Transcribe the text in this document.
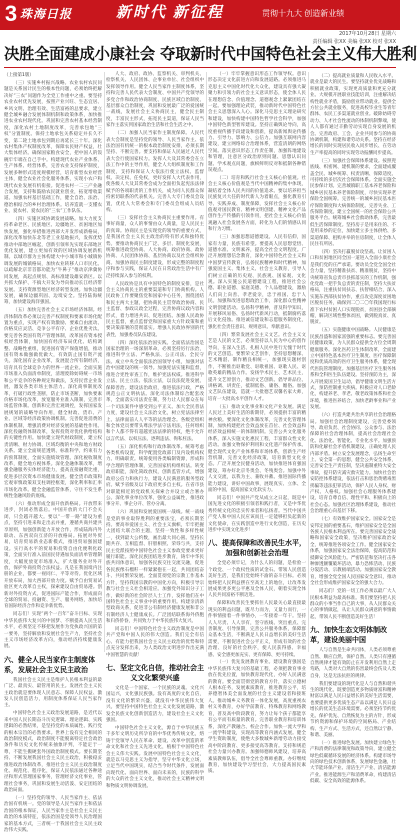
3 珠海日报	新时代 新征程	贯彻十九大 创造新业绩
2017年10月28日 星期六
责任编辑 张XX 美编 张XX 校对 张XX
决胜全面建成小康社会 夺取新时代中国特色社会主义伟大胜利
（上接第1版）

（三）实施乡村振兴战略。农业农村农民问题是关系国计民生的根本性问题，必须始终把解决好“三农”问题作为全党工作重中之重。要坚持农业农村优先发展，按照产业兴旺、生态宜居、乡风文明、治理有效、生活富裕的总要求，建立健全城乡融合发展体制机制和政策体系，加快推进农业农村现代化。巩固和完善农村基本经营制度，深化农村土地制度改革，完善承包地“三权”分置制度。保持土地承包关系稳定并长久不变，第二轮土地承包到期后再延长三十年。深化农村集体产权制度改革，保障农民财产权益，壮大集体经济。确保国家粮食安全，把中国人的饭碗牢牢端在自己手中。构建现代农业产业体系、生产体系、经营体系，完善农业支持保护制度，发展多种形式适度规模经营，培育新型农业经营主体，健全农业社会化服务体系，实现小农户和现代农业发展有机衔接。促进农村一二三产业融合发展，支持和鼓励农民就业创业，拓宽增收渠道。加强农村基层基础工作，健全自治、法治、德治相结合的乡村治理体系。培养造就一支懂农业、爱农村、爱农民的“三农”工作队伍。

（四）实施区域协调发展战略。加大力度支持革命老区、民族地区、边疆地区、贫困地区加快发展，强化举措推进西部大开发形成新格局，深化改革加快东北等老工业基地振兴，发挥优势推动中部地区崛起，创新引领率先实现东部地区优化发展，建立更加有效的区域协调发展新机制。以城市群为主体构建大中小城市和小城镇协调发展的城镇格局，加快农业转移人口市民化。以疏解北京非首都功能为“牛鼻子”推动京津冀协同发展，高起点规划、高标准建设雄安新区。以共抓大保护、不搞大开发为导向推动长江经济带发展。支持资源型地区经济转型发展。加快边疆发展，确保边疆巩固、边境安全。坚持陆海统筹，加快建设海洋强国。

（五）加快完善社会主义市场经济体制。经济体制改革必须以完善产权制度和要素市场化配置为重点，实现产权有效激励、要素自由流动、价格反应灵活、竞争公平有序、企业优胜劣汰。要完善各类国有资产管理体制，改革国有资本授权经营体制，加快国有经济布局优化、结构调整、战略性重组，促进国有资产保值增值，推动国有资本做强做优做大，有效防止国有资产流失。深化国有企业改革，发展混合所有制经济，培育具有全球竞争力的世界一流企业。全面实施市场准入负面清单制度，清理废除妨碍统一市场和公平竞争的各种规定和做法，支持民营企业发展，激发各类市场主体活力。深化商事制度改革，打破行政性垄断，防止市场垄断，加快要素价格市场化改革，放宽服务业准入限制，完善市场监管体制。创新和完善宏观调控，发挥国家发展规划的战略导向作用，健全财政、货币、产业、区域等经济政策协调机制。完善促进消费的体制机制，增强消费对经济发展的基础性作用。深化投融资体制改革，发挥投资对优化供给结构的关键性作用。加快建立现代财政制度，建立权责清晰、财力协调、区域均衡的中央和地方财政关系。建立全面规范透明、标准科学、约束有力的预算制度，全面实施绩效管理。深化税收制度改革，健全地方税体系。深化金融体制改革，增强金融服务实体经济能力，提高直接融资比重，促进多层次资本市场健康发展。健全货币政策和宏观审慎政策双支柱调控框架，深化利率和汇率市场化改革。健全金融监管体系，守住不发生系统性金融风险的底线。

（六）推动形成全面开放新格局。开放带来进步，封闭必然落后。中国开放的大门不会关闭，只会越开越大。要以“一带一路”建设为重点，坚持引进来和走出去并重，遵循共商共建共享原则，加强创新能力开放合作，形成陆海内外联动、东西双向互济的开放格局。拓展对外贸易，培育贸易新业态新模式，推进贸易强国建设。实行高水平的贸易和投资自由化便利化政策，全面实行准入前国民待遇加负面清单管理制度，大幅度放宽市场准入，扩大服务业对外开放，保护外商投资合法权益。凡是在我国境内注册的企业，都要一视同仁、平等对待。优化区域开放布局，加大西部开放力度。赋予自由贸易试验区更大改革自主权，探索建设自由贸易港。创新对外投资方式，促进国际产能合作，形成面向全球的贸易、投融资、生产、服务网络，加快培育国际经济合作和竞争新优势。

同志们！实现“两个一百年”奋斗目标、实现中华民族伟大复兴的中国梦、不断提高人民生活水平，必须坚定不移把发展作为党执政兴国的第一要务，坚持解放和发展社会生产力，坚持社会主义市场经济改革方向，推动经济持续健康发展。

六、健全人民当家作主制度体系，发展社会主义民主政治

我国社会主义民主是维护人民根本利益的最广泛、最真实、最管用的民主。发展社会主义民主政治就是要体现人民意志、保障人民权益、激发人民创造活力，用制度体系保证人民当家作主。

中国特色社会主义政治发展道路，是近代以来中国人民长期奋斗历史逻辑、理论逻辑、实践逻辑的必然结果，是坚持党的本质属性、践行党的根本宗旨的必然要求。世界上没有完全相同的政治制度模式，政治制度不能脱离特定社会政治条件和历史文化传统来抽象评判，不能定于一尊，不能生搬硬套外国政治制度模式。要长期坚持、不断发展我国社会主义民主政治，积极稳妥推进政治体制改革，推进社会主义民主政治制度化、规范化、程序化，保证人民依法通过各种途径和形式管理国家事务，管理经济文化事业，管理社会事务，巩固和发展生动活泼、安定团结的政治局面。

（一）坚持党的领导、人民当家作主、依法治国有机统一。党的领导是人民当家作主和依法治国的根本保证，人民当家作主是社会主义民主政治的本质特征，依法治国是党领导人民治理国家的基本方式，三者统一于我国社会主义民主政治伟大实践。

人大、政府、政协、监察机关、审判机关、检察机关、人民团体、企事业单位、社会组织中发挥领导作用。健全人民当家作主制度体系，坚持和完善人民代表大会制度、中国共产党领导的多党合作和政治协商制度、民族区域自治制度、基层群众自治制度，巩固和发展最广泛的爱国统一战线，发展社会主义协商民主，健全民主制度，丰富民主形式，拓宽民主渠道，保证人民当家作主落实到国家政治生活和社会生活之中。

（二）加强人民当家作主制度保障。人民代表大会制度是坚持党的领导、人民当家作主、依法治国有机统一的根本政治制度安排，必须长期坚持、不断完善。要支持和保证人民通过人民代表大会行使国家权力。发挥人大及其常委会在立法工作中的主导作用，健全人大组织制度和工作制度，支持和保证人大依法行使立法权、监督权、决定权、任免权，更好发挥人大代表作用，使各级人大及其常委会成为全面担负起宪法法律赋予的各项职责的工作机关，成为同人民群众保持密切联系的代表机关。完善人大专门委员会设置，优化人大常委会和专门委员会组成人员结构。

（三）发挥社会主义协商民主重要作用。有事好商量，众人的事情由众人商量，是人民民主的真谛。协商民主是实现党的领导的重要方式，是我国社会主义民主政治的特有形式和独特优势。要推动协商民主广泛、多层、制度化发展，统筹推进政党协商、人大协商、政府协商、政协协商、人民团体协商、基层协商以及社会组织协商。加强协商民主制度建设，形成完整的制度程序和参与实践，保证人民在日常政治生活中有广泛持续深入参与的权利。

人民政协是具有中国特色的制度安排，是社会主义协商民主的重要渠道和专门协商机构。人民政协工作要聚焦党和国家中心任务，围绕团结和民主两大主题，把协商民主贯穿政治协商、民主监督、参政议政全过程，完善协商议政内容和形式，着力增进共识、促进团结。加强人民政协民主监督，重点监督党和国家重大方针政策和重要决策部署的贯彻落实。增强人民政协界别的代表性，加强委员队伍建设。

（四）深化依法治国实践。全面依法治国是国家治理的一场深刻革命，必须坚持厉行法治，推进科学立法、严格执法、公正司法、全民守法。成立中央全面依法治国领导小组，加强对法治中国建设的统一领导。加强宪法实施和监督，推进合宪性审查工作，维护宪法权威。推进科学立法、民主立法、依法立法，以良法促进发展、保障善治。建设法治政府，推进依法行政，严格规范公正文明执法。深化司法体制综合配套改革，全面落实司法责任制，努力让人民群众在每一个司法案件中感受到公平正义。加大全民普法力度，建设社会主义法治文化，树立宪法法律至上、法律面前人人平等的法治理念。各级党组织和全体党员要带头尊法学法守法用法，任何组织和个人都不得有超越宪法法律的特权，绝不允许以言代法、以权压法、逐利违法、徇私枉法。

（五）深化机构和行政体制改革。统筹考虑各类机构设置，科学配置党政部门及内设机构权力、明确职责。统筹使用各类编制资源，形成科学合理的管理体制，完善国家机构组织法。转变政府职能，深化简政放权，创新监管方式，增强政府公信力和执行力，建设人民满意的服务型政府。赋予省级及以下政府更多自主权。在省市县对职能相近的党政机关探索合并设立或合署办公。深化事业单位改革，强化公益属性，推进政事分开、事企分开、管办分离。

（六）巩固和发展爱国统一战线。统一战线是党的事业取得胜利的重要法宝，必须长期坚持。要高举爱国主义、社会主义旗帜，牢牢把握大团结大联合的主题，坚持一致性和多样性统一，找到最大公约数，画出最大同心圆。坚持长期共存、互相监督、肝胆相照、荣辱与共，支持民主党派按照中国特色社会主义参政党要求更好履行职能。深化民族团结进步教育，铸牢中华民族共同体意识，加强各民族交往交流交融，促进各民族像石榴籽一样紧紧抱在一起，共同团结奋斗、共同繁荣发展。全面贯彻党的宗教工作基本方针，坚持我国宗教的中国化方向，积极引导宗教与社会主义社会相适应。加强党外知识分子工作，做好新的社会阶层人士工作，发挥他们在中国特色社会主义事业中的重要作用。构建亲清新型政商关系，促进非公有制经济健康发展和非公有制经济人士健康成长。广泛团结联系海外侨胞和归侨侨眷，共同致力于中华民族伟大复兴。

同志们！中国特色社会主义政治制度是中国共产党和中国人民的伟大创造。我们完全有信心、有能力把我国社会主义民主政治的优势和特点充分发挥出来，为人类政治文明进步作出充满中国智慧的贡献！

七、坚定文化自信，推动社会主义文化繁荣兴盛

文化是一个国家、一个民族的灵魂。文化兴国运兴，文化强民族强。没有高度的文化自信，没有文化的繁荣兴盛，就没有中华民族伟大复兴。要坚持中国特色社会主义文化发展道路，激发全民族文化创新创造活力，建设社会主义文化强国。

中国特色社会主义文化，源自于中华民族五千多年文明历史所孕育的中华优秀传统文化，熔铸于党领导人民在革命、建设、改革中创造的革命文化和社会主义先进文化，植根于中国特色社会主义伟大实践。发展中国特色社会主义文化，就是以马克思主义为指导，坚守中华文化立场，立足当代中国现实，结合当今时代条件，发展面向现代化、面向世界、面向未来的，民族的科学的大众的社会主义文化，推动社会主义精神文明和物质文明协调发展。

（一）牢牢掌握意识形态工作领导权。意识形态决定文化前进方向和发展道路。必须推进马克思主义中国化时代化大众化，建设具有强大凝聚力和引领力的社会主义意识形态，使全体人民在理想信念、价值理念、道德观念上紧紧团结在一起。要加强理论武装，推动新时代中国特色社会主义思想深入人心。深化马克思主义理论研究和建设，加快构建中国特色哲学社会科学，加强中国特色新型智库建设。坚持正确舆论导向，高度重视传播手段建设和创新，提高新闻舆论传播力、引导力、影响力、公信力。加强互联网内容建设，建立网络综合治理体系，营造清朗的网络空间。落实意识形态工作责任制，加强阵地建设和管理，注意区分政治原则问题、思想认识问题、学术观点问题，旗帜鲜明反对和抵制各种错误观点。

（二）培育和践行社会主义核心价值观。社会主义核心价值观是当代中国精神的集中体现，凝结着全体人民共同的价值追求。要以培养担当民族复兴大任的时代新人为着眼点，强化教育引导、实践养成、制度保障，发挥社会主义核心价值观对国民教育、精神文明创建、精神文化产品创作生产传播的引领作用，把社会主义核心价值观融入社会发展各方面，转化为人们的情感认同和行为习惯。

（三）加强思想道德建设。人民有信仰，国家有力量，民族有希望。要提高人民思想觉悟、道德水准、文明素养，提高全社会文明程度。广泛开展理想信念教育，深化中国特色社会主义和中国梦宣传教育，弘扬民族精神和时代精神，加强爱国主义、集体主义、社会主义教育，引导人们树立正确的历史观、民族观、国家观、文化观。深入实施公民道德建设工程，推进社会公德、职业道德、家庭美德、个人品德建设，激励人们向上向善、孝老爱亲，忠于祖国、忠于人民。加强和改进思想政治工作，深化群众性精神文明创建活动。弘扬科学精神，普及科学知识，开展移风易俗、弘扬时代新风行动，抵制腐朽落后文化侵蚀。推进诚信建设和志愿服务制度化，强化社会责任意识、规则意识、奉献意识。

（四）繁荣发展社会主义文艺。社会主义文艺是人民的文艺，必须坚持以人民为中心的创作导向，在深入生活、扎根人民中进行无愧于时代的文艺创造。要繁荣文艺创作，坚持思想精深、艺术精湛、制作精良相统一，加强现实题材创作，不断推出讴歌党、讴歌祖国、讴歌人民、讴歌英雄的精品力作。发扬学术民主、艺术民主，提升文艺原创力，推动文艺创新。倡导讲品位、讲格调、讲责任，抵制低俗、庸俗、媚俗。加强文艺队伍建设，造就一大批德艺双馨名家大师，培育一大批高水平创作人才。

（五）推动文化事业和文化产业发展。满足人民过上美好生活的新期待，必须提供丰富的精神食粮。要深化文化体制改革，完善文化管理体制，加快构建把社会效益放在首位、社会效益和经济效益相统一的体制机制。完善公共文化服务体系，深入实施文化惠民工程，丰富群众性文化活动。加强文物保护利用和文化遗产保护传承。健全现代文化产业体系和市场体系，创新生产经营机制，完善文化经济政策，培育新型文化业态。广泛开展全民健身活动，加快推进体育强国建设，筹办好北京冬奥会、冬残奥会。加强中外人文交流，以我为主、兼收并蓄。推进国际传播能力建设，讲好中国故事，展现真实、立体、全面的中国，提高国家文化软实力。

同志们！中国共产党从成立之日起，既是中国先进文化的积极引领者和践行者，又是中华优秀传统文化的忠实传承者和弘扬者。当代中国共产党人和中国人民应该而且一定能够担负起新的文化使命，在实践创造中进行文化创造，在历史进步中实现文化进步！

八、提高保障和改善民生水平，加强和创新社会治理

全党必须牢记，为什么人的问题，是检验一个政党、一个政权性质的试金石。带领人民创造美好生活，是我们党始终不渝的奋斗目标。必须始终把人民利益摆在至高无上的地位，让改革发展成果更多更公平惠及全体人民，朝着实现全体人民共同富裕不断迈进。

保障和改善民生要抓住人民最关心最直接最现实的利益问题，既尽力而为，又量力而行，一件事情接着一件事情办，一年接着一年干。坚持人人尽责、人人享有，坚守底线、突出重点、完善制度、引导预期，完善公共服务体系，保障群众基本生活，不断满足人民日益增长的美好生活需要，不断促进社会公平正义，形成有效的社会治理、良好的社会秩序，使人民获得感、幸福感、安全感更加充实、更有保障、更可持续。

（一）优先发展教育事业。建设教育强国是中华民族伟大复兴的基础工程，必须把教育事业放在优先位置，加快教育现代化，办好人民满意的教育。要全面贯彻党的教育方针，落实立德树人根本任务，发展素质教育，推进教育公平，培养德智体美全面发展的社会主义建设者和接班人。推动城乡义务教育一体化发展，高度重视农村义务教育，办好学前教育、特殊教育和网络教育，普及高中阶段教育，努力让每个孩子都能享有公平而有质量的教育。完善职业教育和培训体系，深化产教融合、校企合作。加快一流大学和一流学科建设，实现高等教育内涵式发展。健全学生资助制度，使绝大多数城乡新增劳动力接受高中阶段教育、更多接受高等教育。支持和规范社会力量兴办教育。加强师德师风建设，培养高素质教师队伍，倡导全社会尊师重教。办好继续教育，加快建设学习型社会，大力提高国民素质。

（二）提高就业质量和人民收入水平。就业是最大的民生。要坚持就业优先战略和积极就业政策，实现更高质量和更充分就业。大规模开展职业技能培训，注重解决结构性就业矛盾，鼓励创业带动就业。提供全方位公共就业服务，促进高校毕业生等青年群体、农民工多渠道就业创业。破除妨碍劳动力、人才社会性流动的体制机制弊端，使人人都有通过辛勤劳动实现自身发展的机会。完善政府、工会、企业共同参与的协商协调机制，构建和谐劳动关系。坚持在经济增长的同时实现居民收入同步增长、在劳动生产率提高的同时实现劳动报酬同步提高。

（三）加强社会保障体系建设。按照兜底线、织密网、建机制的要求，全面建成覆盖全民、城乡统筹、权责清晰、保障适度、可持续的多层次社会保障体系。全面实施全民参保计划。完善城镇职工基本养老保险和城乡居民基本养老保险制度，尽快实现养老保险全国统筹。完善统一的城乡居民基本医疗保险制度和大病保险制度。完善失业、工伤保险制度。建立全国统一的社会保险公共服务平台。统筹城乡社会救助体系，完善最低生活保障制度。坚持房子是用来住的、不是用来炒的定位，加快建立多主体供给、多渠道保障、租购并举的住房制度，让全体人民住有所居。

（四）坚决打赢脱贫攻坚战。让贫困人口和贫困地区同全国一道进入全面小康社会是我们党的庄严承诺。要动员全党全国全社会力量，坚持精准扶贫、精准脱贫，坚持中央统筹省负总责市县抓落实的工作机制，强化党政一把手负总责的责任制，坚持大扶贫格局，注重扶贫同扶志、扶智相结合，深入实施东西部扶贫协作，重点攻克深度贫困地区脱贫任务，确保到二〇二〇年我国现行标准下农村贫困人口实现脱贫，贫困县全部摘帽，解决区域性整体贫困，做到脱真贫、真脱贫。

（五）实施健康中国战略。人民健康是民族昌盛和国家富强的重要标志。要完善国民健康政策，为人民群众提供全方位全周期健康服务。深化医药卫生体制改革，全面建立中国特色基本医疗卫生制度、医疗保障制度和优质高效的医疗卫生服务体系，健全现代医院管理制度。加强基层医疗卫生服务体系和全科医生队伍建设。坚持预防为主，深入开展爱国卫生运动，倡导健康文明生活方式，预防控制重大疾病。积极应对人口老龄化，构建养老、孝老、敬老政策体系和社会环境，推进医养结合，加快老龄事业和产业发展。

（六）打造共建共治共享的社会治理格局。加强社会治理制度建设，完善党委领导、政府负责、社会协同、公众参与、法治保障的社会治理体制，提高社会治理社会化、法治化、智能化、专业化水平。加强预防和化解社会矛盾机制建设，正确处理人民内部矛盾。树立安全发展理念，弘扬生命至上、安全第一的思想，健全公共安全体系，完善安全生产责任制，坚决遏制重特大安全事故，提升防灾减灾救灾能力。加快社会治安防控体系建设，依法打击和惩治黄赌毒黑拐骗等违法犯罪活动，保护人民人身权、财产权、人格权。加强社会心理服务体系建设，培育自尊自信、理性平和、积极向上的社会心态。加强社区治理体系建设，推动社会治理重心向基层下移。

（七）有效维护国家安全。国家安全是安邦定国的重要基石，维护国家安全是全国各族人民根本利益所在。要完善国家安全战略和国家安全政策，坚决维护国家政治安全，统筹推进各项安全工作。健全国家安全体系，加强国家安全法治保障，提高防范和抵御安全风险能力。严密防范和坚决打击各种渗透颠覆破坏活动、暴力恐怖活动、民族分裂活动、宗教极端活动。加强国家安全教育，增强全党全国人民国家安全意识，推动全社会形成维护国家安全的强大合力。

同志们！党的一切工作必须以最广大人民根本利益为最高标准。我们要坚持把人民群众的小事当作自己的大事，从人民群众关心的事情做起，从让人民群众满意的事情做起，带领人民不断创造美好生活！

九、加快生态文明体制改革，建设美丽中国

人与自然是生命共同体，人类必须尊重自然、顺应自然、保护自然。人类只有遵循自然规律才能有效防止在开发利用自然上走弯路，人类对大自然的伤害最终会伤及人类自身，这是无法抗拒的规律。

我们要建设的现代化是人与自然和谐共生的现代化，既要创造更多物质财富和精神财富以满足人民日益增长的美好生活需要，也要提供更多优质生态产品以满足人民日益增长的优美生态环境需要。必须坚持节约优先、保护优先、自然恢复为主的方针，形成节约资源和保护环境的空间格局、产业结构、生产方式、生活方式，还自然以宁静、和谐、美丽。

（一）推进绿色发展。加快建立绿色生产和消费的法律制度和政策导向，建立健全绿色低碳循环发展的经济体系。构建市场导向的绿色技术创新体系，发展绿色金融，壮大节能环保产业、清洁生产产业、清洁能源产业。推进能源生产和消费革命，构建清洁低碳、安全高效的能源体系。
